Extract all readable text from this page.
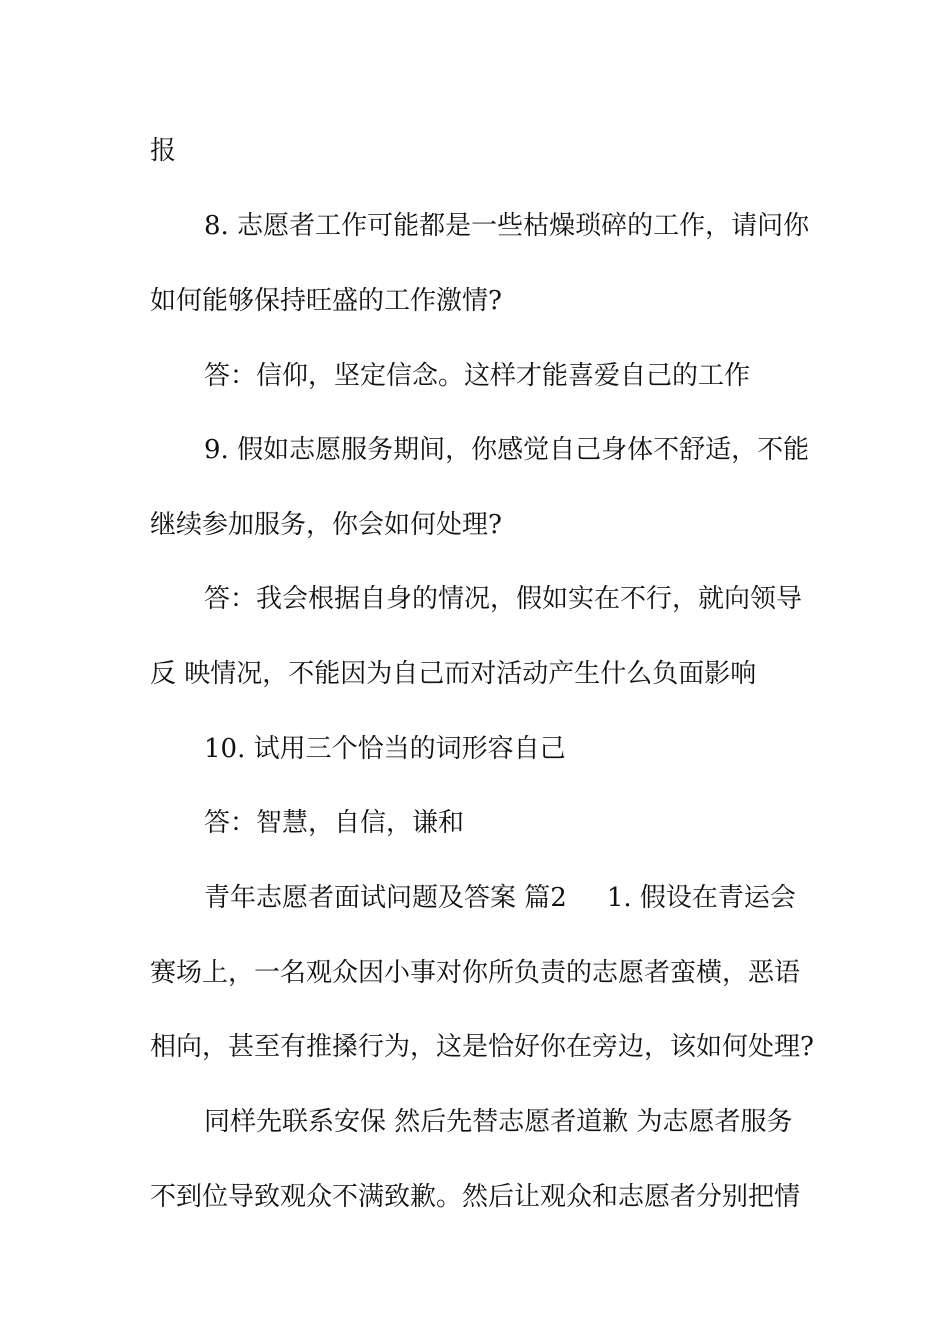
报
8. 志愿者工作可能都是一些枯燥琐碎的工作，请问你
如何能够保持旺盛的工作激情?
答：信仰，坚定信念。这样才能喜爱自己的工作
9. 假如志愿服务期间，你感觉自己身体不舒适，不能
继续参加服务，你会如何处理?
答：我会根据自身的情况，假如实在不行，就向领导
反 映情况，不能因为自己而对活动产生什么负面影响
10. 试用三个恰当的词形容自己
答：智慧，自信，谦和
青年志愿者面试问题及答案 篇2 1. 假设在青运会
赛场上，一名观众因小事对你所负责的志愿者蛮横，恶语
相向，甚至有推搡行为，这是恰好你在旁边，该如何处理?
同样先联系安保 然后先替志愿者道歉 为志愿者服务
不到位导致观众不满致歉。然后让观众和志愿者分别把情
